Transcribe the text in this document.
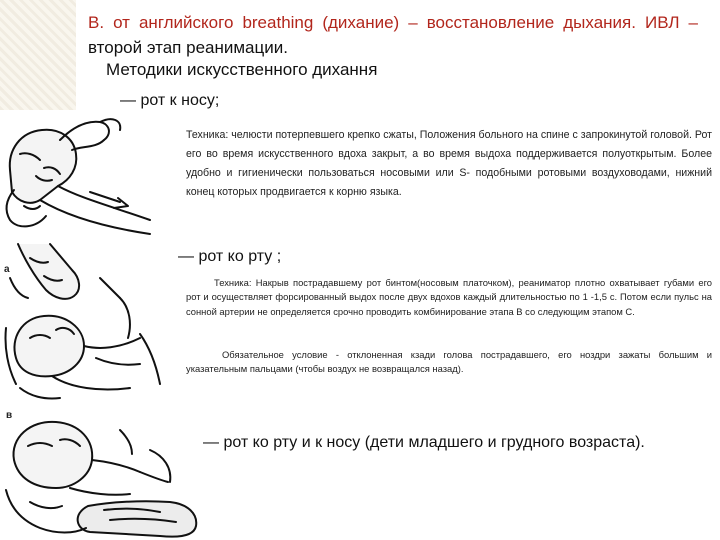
В. от английского breathing (дихание) – восстановление дыхания. ИВЛ – второй этап реанимации.
Методики искусственного дихання
— рот к носу;
Техника: челюсти потерпевшего крепко сжаты, Положения больного на спине с запрокинутой головой. Рот его во время искусственного вдоха закрыт, а во время выдоха поддерживается полуоткрытым. Более удобно и гигиенически пользоваться носовыми или S- подобными ротовыми воздуховодами, нижний конец которых продвигается к корню языка.
— рот ко рту ;
Техника: Накрыв пострадавшему рот бинтом(носовым платочком), реаниматор плотно охватывает губами его рот и осуществляет форсированный выдох после двух вдохов каждый длительностью по 1 -1,5 с. Потом если пульс на сонной артерии не определяется срочно проводить комбинирование этапа В со следующим этапом С.
Обязательное условие - отклоненная кзади голова пострадавшего, его ноздри зажаты большим и указательным пальцами (чтобы воздух не возвращался назад).
— рот ко рту и к носу (дети младшего и грудного возраста).
а
в
